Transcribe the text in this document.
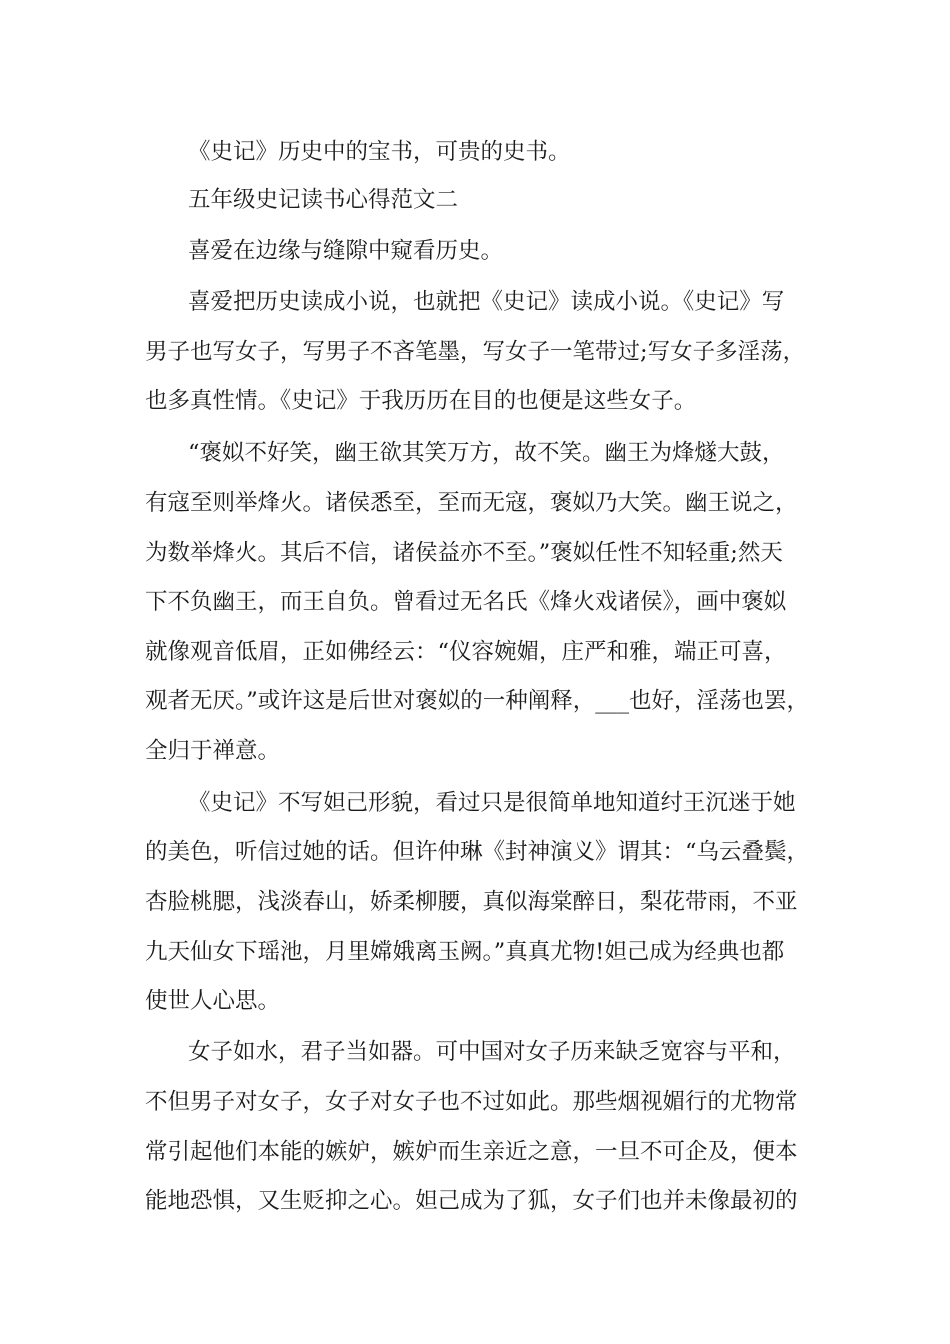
《史记》历史中的宝书，可贵的史书。
五年级史记读书心得范文二
喜爱在边缘与缝隙中窥看历史。
喜爱把历史读成小说，也就把《史记》读成小说。《史记》写
男子也写女子，写男子不吝笔墨，写女子一笔带过;写女子多淫荡，
也多真性情。《史记》于我历历在目的也便是这些女子。
“褒姒不好笑，幽王欲其笑万方，故不笑。幽王为烽燧大鼓，
有寇至则举烽火。诸侯悉至，至而无寇，褒姒乃大笑。幽王说之，
为数举烽火。其后不信，诸侯益亦不至。”褒姒任性不知轻重;然天
下不负幽王，而王自负。曾看过无名氏《烽火戏诸侯》，画中褒姒
就像观音低眉，正如佛经云：“仪容婉媚，庄严和雅，端正可喜，
观者无厌。”或许这是后世对褒姒的一种阐释，___也好，淫荡也罢，
全归于禅意。
《史记》不写妲己形貌，看过只是很简单地知道纣王沉迷于她
的美色，听信过她的话。但许仲琳《封神演义》谓其：“乌云叠鬓，
杏脸桃腮，浅淡春山，娇柔柳腰，真似海棠醉日，梨花带雨，不亚
九天仙女下瑶池，月里嫦娥离玉阙。”真真尤物!妲己成为经典也都
使世人心思。
女子如水，君子当如器。可中国对女子历来缺乏宽容与平和，
不但男子对女子，女子对女子也不过如此。那些烟视媚行的尤物常
常引起他们本能的嫉妒，嫉妒而生亲近之意，一旦不可企及，便本
能地恐惧，又生贬抑之心。妲己成为了狐，女子们也并未像最初的
